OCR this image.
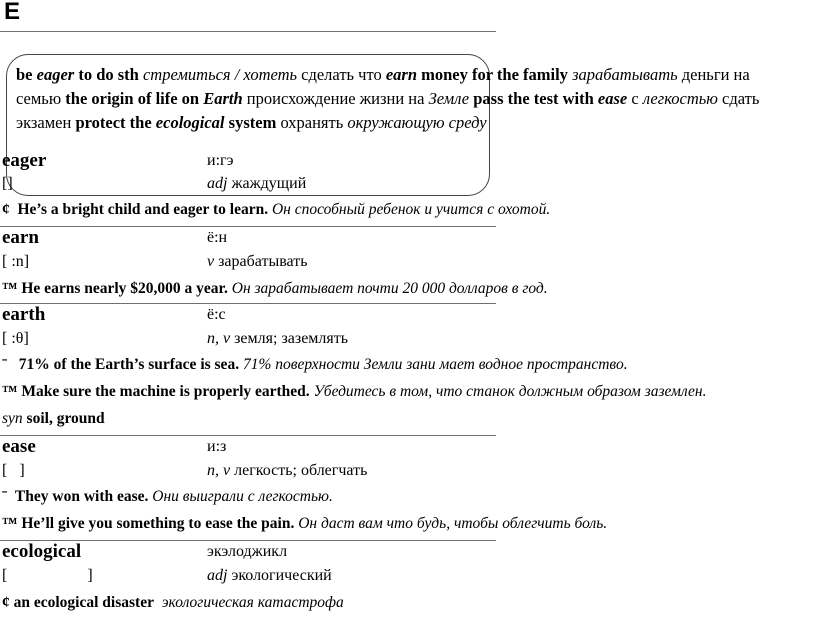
E
be eager to do sth стремиться / хотеть сделать что earn money for the family зарабатывать деньги на семью the origin of life on Earth происхождение жизни на Земле pass the test with ease с легкостью сдать экзамен protect the ecological system охранять окружающую среду
eager	и:гэ
[]	adj жаждущий
¢ He’s a bright child and eager to learn. Он способный ребенок и учится с охотой.
earn	ё:н
[ :n]	v зарабатывать
™ He earns nearly $20,000 a year. Он зарабатывает почти 20 000 долларов в год.
earth	ё:с
[ :θ]	n, v земля; заземлять
ˉ 71% of the Earth’s surface is sea. 71% поверхности Земли зани мает водное пространство.
™ Make sure the machine is properly earthed. Убедитесь в том, что станок должным образом заземлен.
syn soil, ground
ease	и:з
[   ]	n, v легкость; облегчать
ˉ They won with ease. Они выиграли с легкостью.
™ He’ll give you something to ease the pain. Он даст вам что будь, чтобы облегчить боль.
ecological	экэлоджикл
[                    ]	adj экологический
¢ an ecological disaster экологическая катастрофа
